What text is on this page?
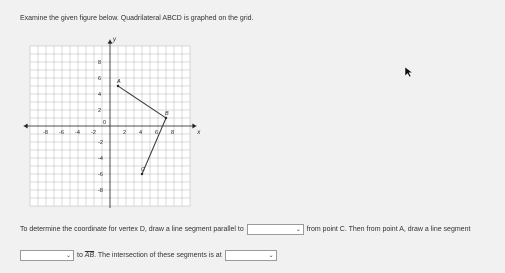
Examine the given figure below. Quadrilateral ABCD is graphed on the grid.
x
y
-8 -6 -4 -2	2 4 6 8
8
6
4
2
-2
-4
-6
-8
0
A
B
C
To determine the coordinate for vertex D, draw a line segment parallel to	⌄ from point C. Then from point A, draw a line segment
⌄ to
$\overline{AB}$ . The intersection of these segments is at	⌄
